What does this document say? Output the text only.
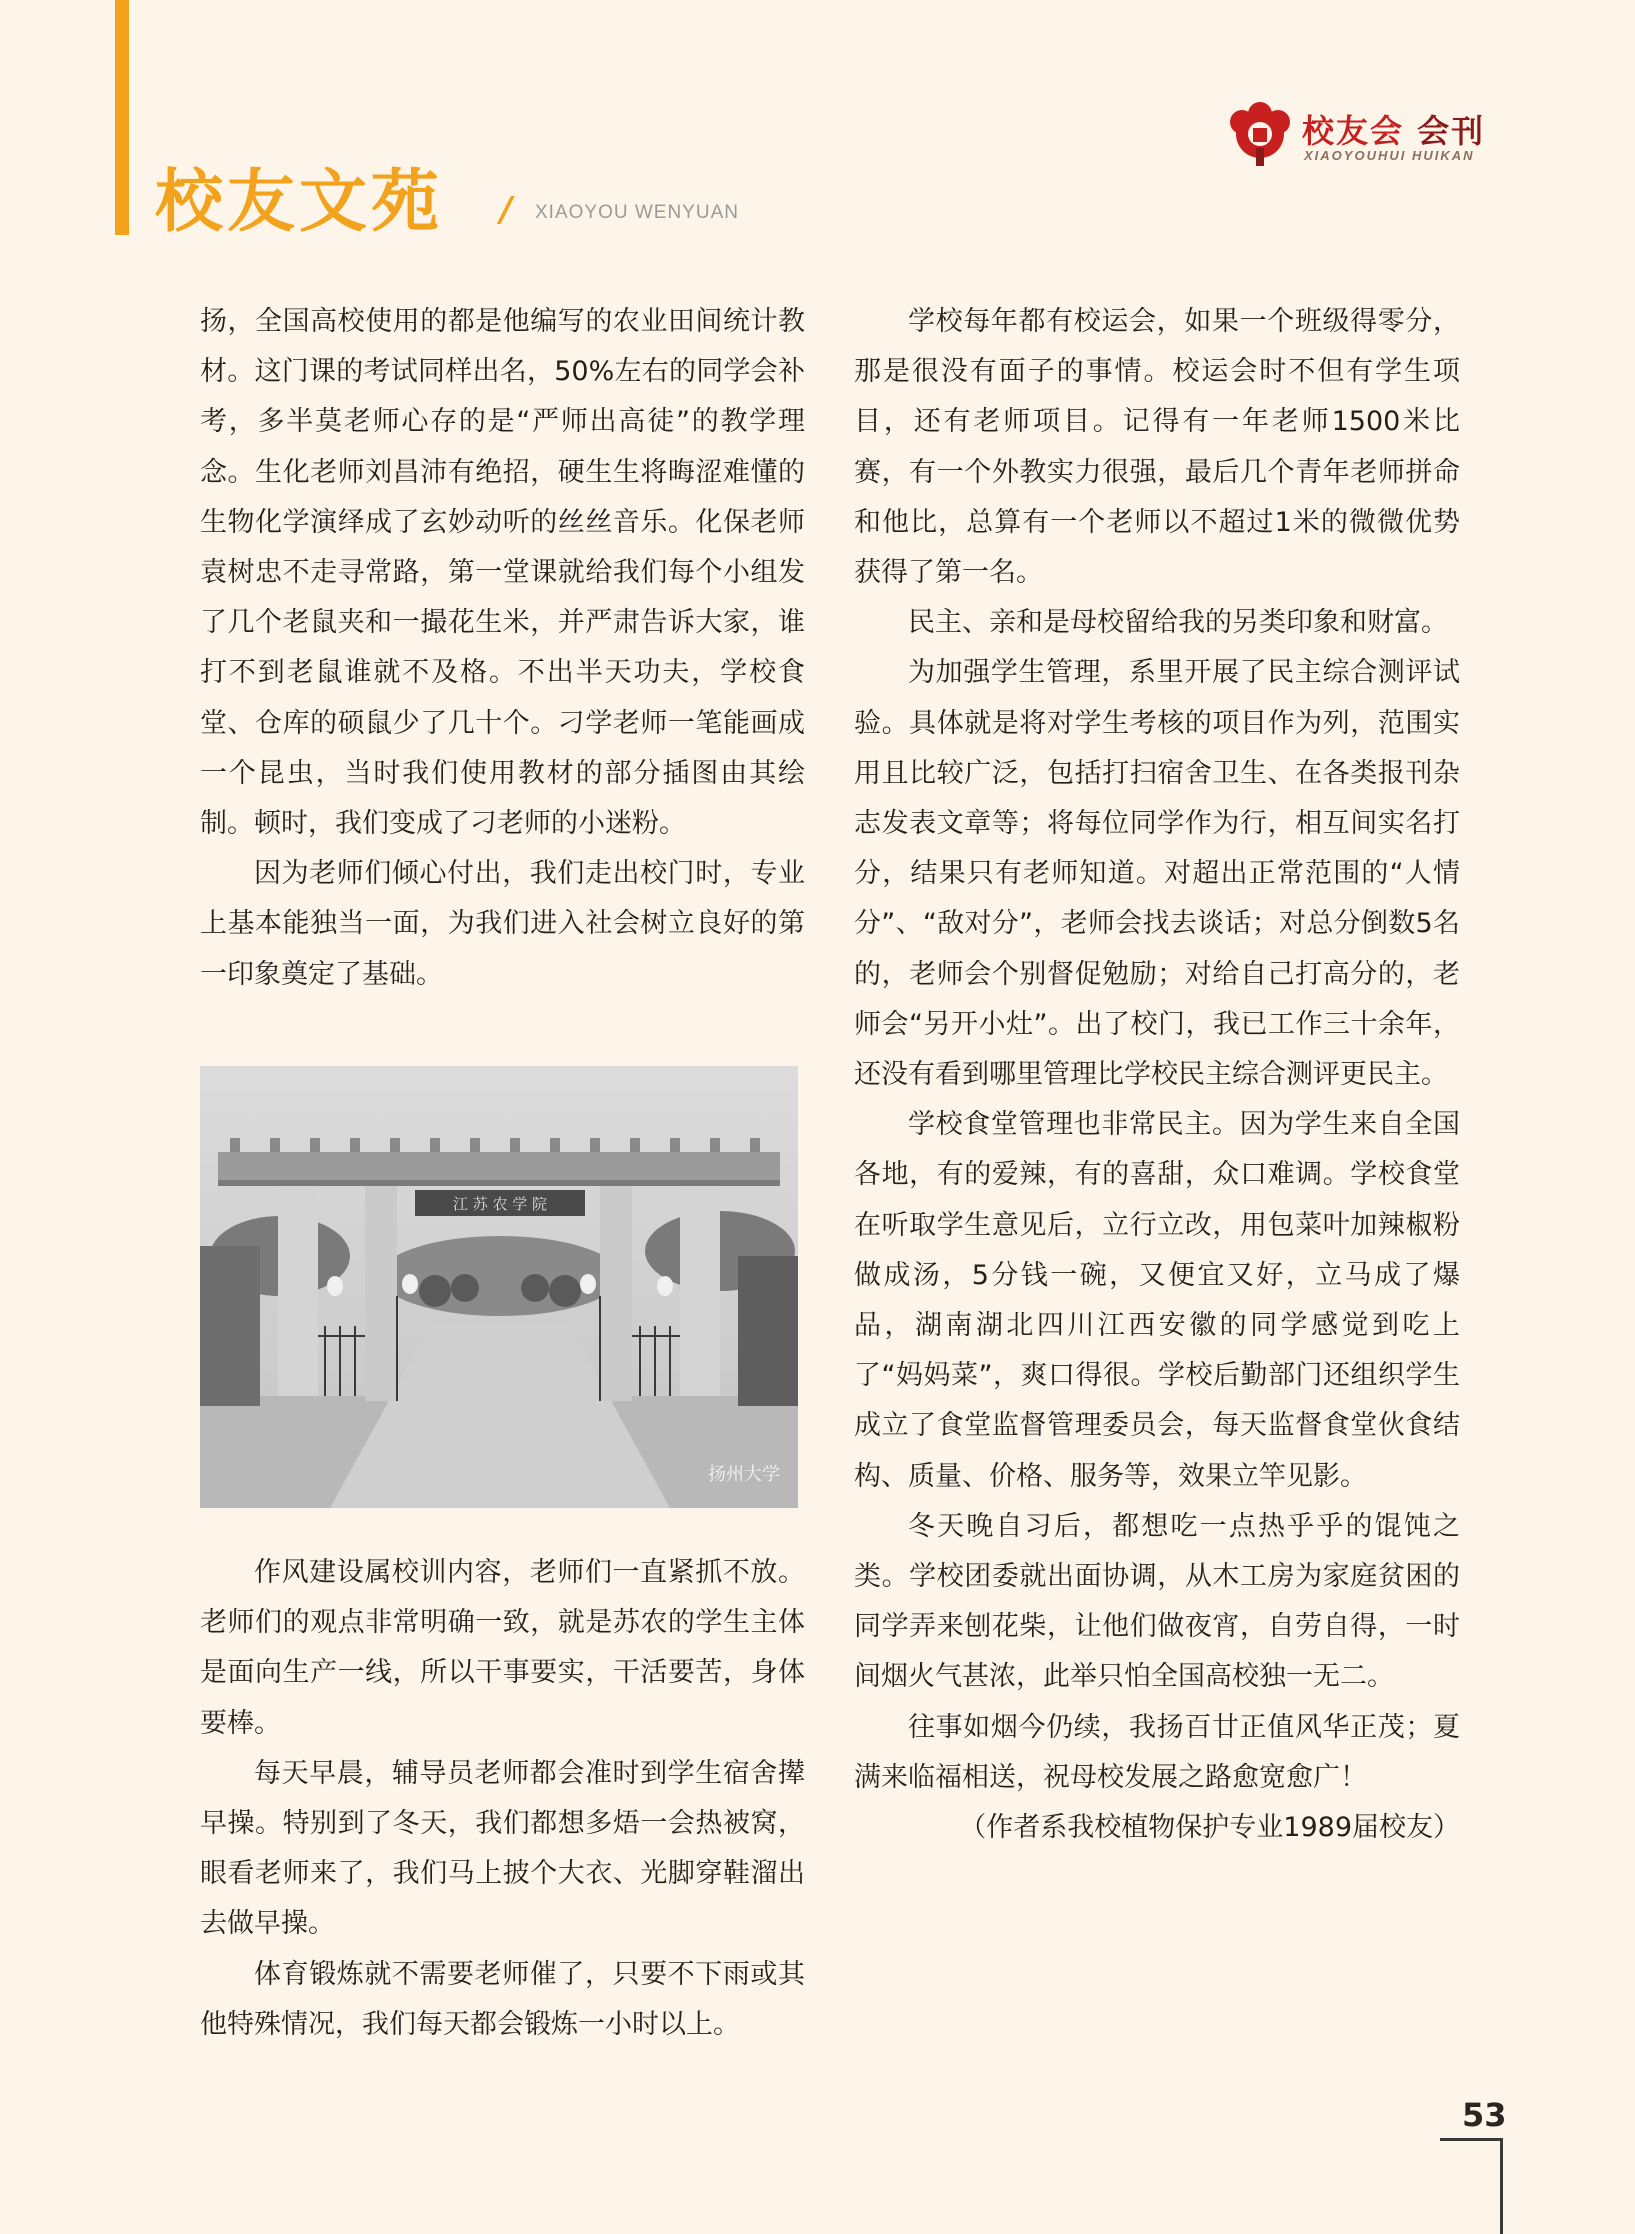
校友文苑 / XIAOYOU WENYUAN
校友会 会刊
XIAOYOUHUI HUIKAN

扬，全国高校使用的都是他编写的农业田间统计教材。这门课的考试同样出名，50%左右的同学会补考，多半莫老师心存的是“严师出高徒”的教学理念。生化老师刘昌沛有绝招，硬生生将晦涩难懂的生物化学演绎成了玄妙动听的丝丝音乐。化保老师袁树忠不走寻常路，第一堂课就给我们每个小组发了几个老鼠夹和一撮花生米，并严肃告诉大家，谁打不到老鼠谁就不及格。不出半天功夫，学校食堂、仓库的硕鼠少了几十个。刁学老师一笔能画成一个昆虫，当时我们使用教材的部分插图由其绘制。顿时，我们变成了刁老师的小迷粉。

因为老师们倾心付出，我们走出校门时，专业上基本能独当一面，为我们进入社会树立良好的第一印象奠定了基础。

江 苏 农 学 院
扬州大学

作风建设属校训内容，老师们一直紧抓不放。老师们的观点非常明确一致，就是苏农的学生主体是面向生产一线，所以干事要实，干活要苦，身体要棒。

每天早晨，辅导员老师都会准时到学生宿舍撵早操。特别到了冬天，我们都想多焐一会热被窝，眼看老师来了，我们马上披个大衣、光脚穿鞋溜出去做早操。

体育锻炼就不需要老师催了，只要不下雨或其他特殊情况，我们每天都会锻炼一小时以上。

学校每年都有校运会，如果一个班级得零分，那是很没有面子的事情。校运会时不但有学生项目，还有老师项目。记得有一年老师1500米比赛，有一个外教实力很强，最后几个青年老师拼命和他比，总算有一个老师以不超过1米的微微优势获得了第一名。

民主、亲和是母校留给我的另类印象和财富。

为加强学生管理，系里开展了民主综合测评试验。具体就是将对学生考核的项目作为列，范围实用且比较广泛，包括打扫宿舍卫生、在各类报刊杂志发表文章等；将每位同学作为行，相互间实名打分，结果只有老师知道。对超出正常范围的“人情分”、“敌对分”，老师会找去谈话；对总分倒数5名的，老师会个别督促勉励；对给自己打高分的，老师会“另开小灶”。出了校门，我已工作三十余年，还没有看到哪里管理比学校民主综合测评更民主。

学校食堂管理也非常民主。因为学生来自全国各地，有的爱辣，有的喜甜，众口难调。学校食堂在听取学生意见后，立行立改，用包菜叶加辣椒粉做成汤，5分钱一碗，又便宜又好，立马成了爆品，湖南湖北四川江西安徽的同学感觉到吃上了“妈妈菜”，爽口得很。学校后勤部门还组织学生成立了食堂监督管理委员会，每天监督食堂伙食结构、质量、价格、服务等，效果立竿见影。

冬天晚自习后，都想吃一点热乎乎的馄饨之类。学校团委就出面协调，从木工房为家庭贫困的同学弄来刨花柴，让他们做夜宵，自劳自得，一时间烟火气甚浓，此举只怕全国高校独一无二。

往事如烟今仍续，我扬百廿正值风华正茂；夏满来临福相送，祝母校发展之路愈宽愈广！

（作者系我校植物保护专业1989届校友）

53
